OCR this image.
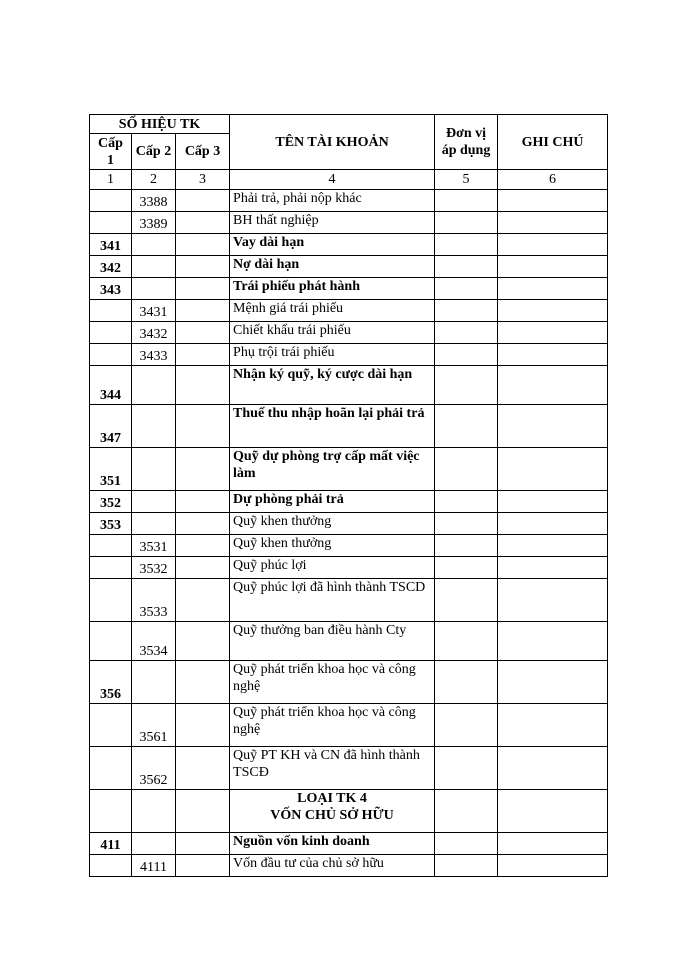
SỐ HIỆU TK			TÊN TÀI KHOẢN	Đơn vị áp dụng	GHI CHÚ
Cấp 1	Cấp 2	Cấp 3			
1	2	3	4	5	6
	3388		Phải trả, phải nộp khác		
	3389		BH thất nghiệp		
341			Vay dài hạn		
342			Nợ dài hạn		
343			Trái phiếu phát hành		
	3431		Mệnh giá trái phiếu		
	3432		Chiết khấu trái phiếu		
	3433		Phụ trội trái phiếu		
344			Nhận ký quỹ, ký cược dài hạn		
347			Thuế thu nhập hoãn lại phải trả		
351			Quỹ dự phòng trợ cấp mất việc làm		
352			Dự phòng phải trả		
353			Quỹ khen thưởng		
	3531		Quỹ khen thưởng		
	3532		Quỹ phúc lợi		
	3533		Quỹ phúc lợi đã hình thành TSCD		
	3534		Quỹ thưởng ban điều hành Cty		
356			Quỹ phát triển khoa học và công nghệ		
	3561		Quỹ phát triển khoa học và công nghệ		
	3562		Quỹ PT KH và CN đã hình thành TSCĐ		
			LOẠI TK 4
VỐN CHỦ SỞ HỮU		
411			Nguồn vốn kinh doanh		
	4111		Vốn đầu tư của chủ sở hữu		
